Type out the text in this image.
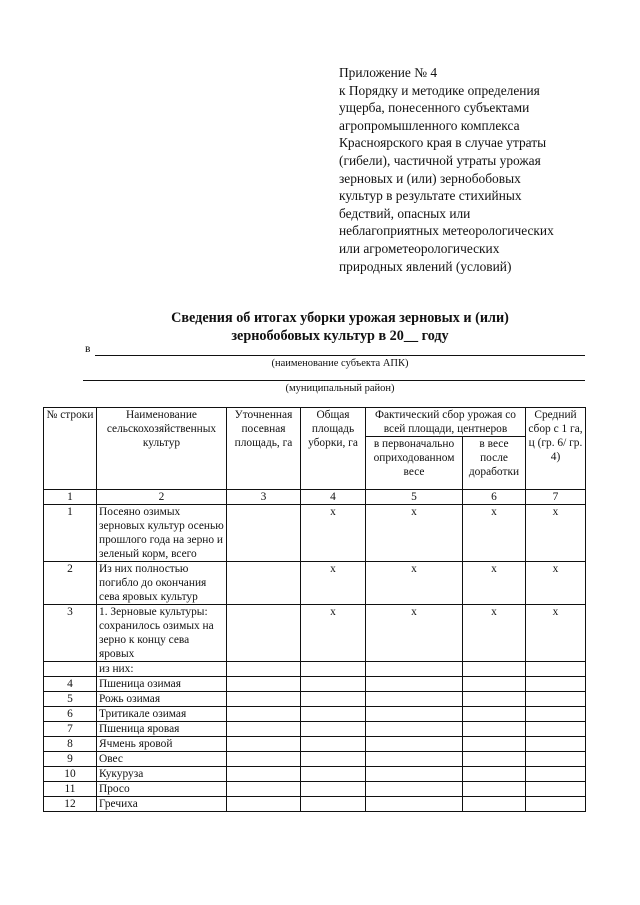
Приложение № 4
к Порядку и методике определения
ущерба, понесенного субъектами
агропромышленного комплекса
Красноярского края в случае утраты
(гибели), частичной утраты урожая
зерновых и (или) зернобобовых
культур в результате стихийных
бедствий, опасных или
неблагоприятных метеорологических
или агрометеорологических
природных явлений (условий)
Сведения об итогах уборки урожая зерновых и (или)
зернобобовых культур в 20__ году
в
(наименование субъекта АПК)
(муниципальный район)
№ строки	Наименование сельскохозяйственных культур	Уточненная посевная площадь, га	Общая площадь уборки, га	Фактический сбор урожая со всей площади, центнеров		Средний сбор с 1 га, ц (гр. 6/ гр. 4)
				в первоначально оприходованном весе	в весе после доработки	
1	2	3	4	5	6	7
1	Посеяно озимых зерновых культур осенью прошлого года на зерно и зеленый корм, всего		x	x	x	x
2	Из них полностью погибло до окончания сева яровых культур		x	x	x	x
3	1. Зерновые культуры: сохранилось озимых на зерно к концу сева яровых		x	x	x	x
	из них:					
4	Пшеница озимая					
5	Рожь озимая					
6	Тритикале озимая					
7	Пшеница яровая					
8	Ячмень яровой					
9	Овес					
10	Кукуруза					
11	Просо					
12	Гречиха					
